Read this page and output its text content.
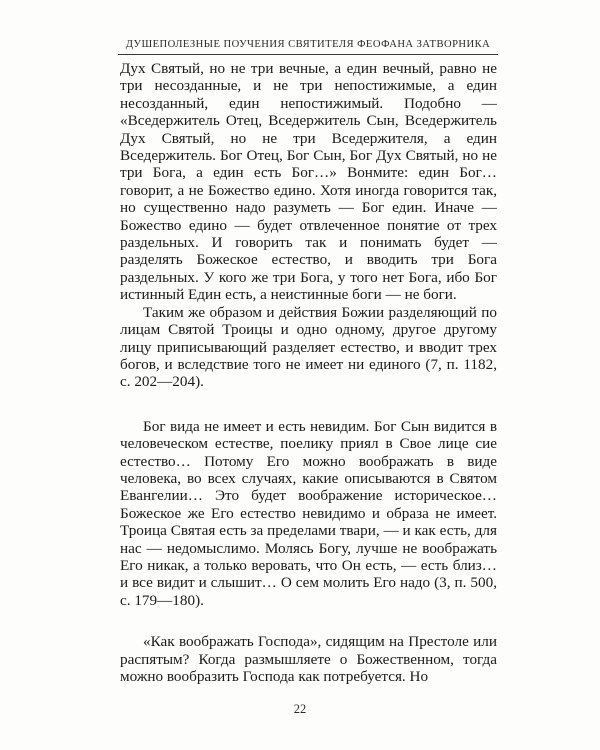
ДУШЕПОЛЕЗНЫЕ ПОУЧЕНИЯ СВЯТИТЕЛЯ ФЕОФАНА ЗАТВОРНИКА

Дух Святый, но не три вечные, а един вечный, равно не три несозданные, и не три непостижимые, а един несозданный, един непостижимый. Подобно — «Вседержитель Отец, Вседержитель Сын, Вседержитель Дух Святый, но не три Вседержителя, а един Вседержитель. Бог Отец, Бог Сын, Бог Дух Святый, но не три Бога, а един есть Бог…» Вонмите: един Бог… говорит, а не Божество едино. Хотя иногда говорится так, но существенно надо разуметь — Бог един. Иначе — Божество едино — будет отвлеченное понятие от трех раздельных. И говорить так и понимать будет — разделять Божеское естество, и вводить три Бога раздельных. У кого же три Бога, у того нет Бога, ибо Бог истинный Един есть, а неистинные боги — не боги.

Таким же образом и действия Божии разделяющий по лицам Святой Троицы и одно одному, другое другому лицу приписывающий разделяет естество, и вводит трех богов, и вследствие того не имеет ни единого (7, п. 1182, с. 202—204).

Бог вида не имеет и есть невидим. Бог Сын видится в человеческом естестве, поелику приял в Свое лице сие естество… Потому Его можно воображать в виде человека, во всех случаях, какие описываются в Святом Евангелии… Это будет воображение историческое… Божеское же Его естество невидимо и образа не имеет. Троица Святая есть за пределами твари, — и как есть, для нас — недомыслимо. Молясь Богу, лучше не воображать Его никак, а только веровать, что Он есть, — есть близ… и все видит и слышит… О сем молить Его надо (3, п. 500, с. 179—180).

«Как воображать Господа», сидящим на Престоле или распятым? Когда размышляете о Божественном, тогда можно вообразить Господа как потребуется. Но

22
